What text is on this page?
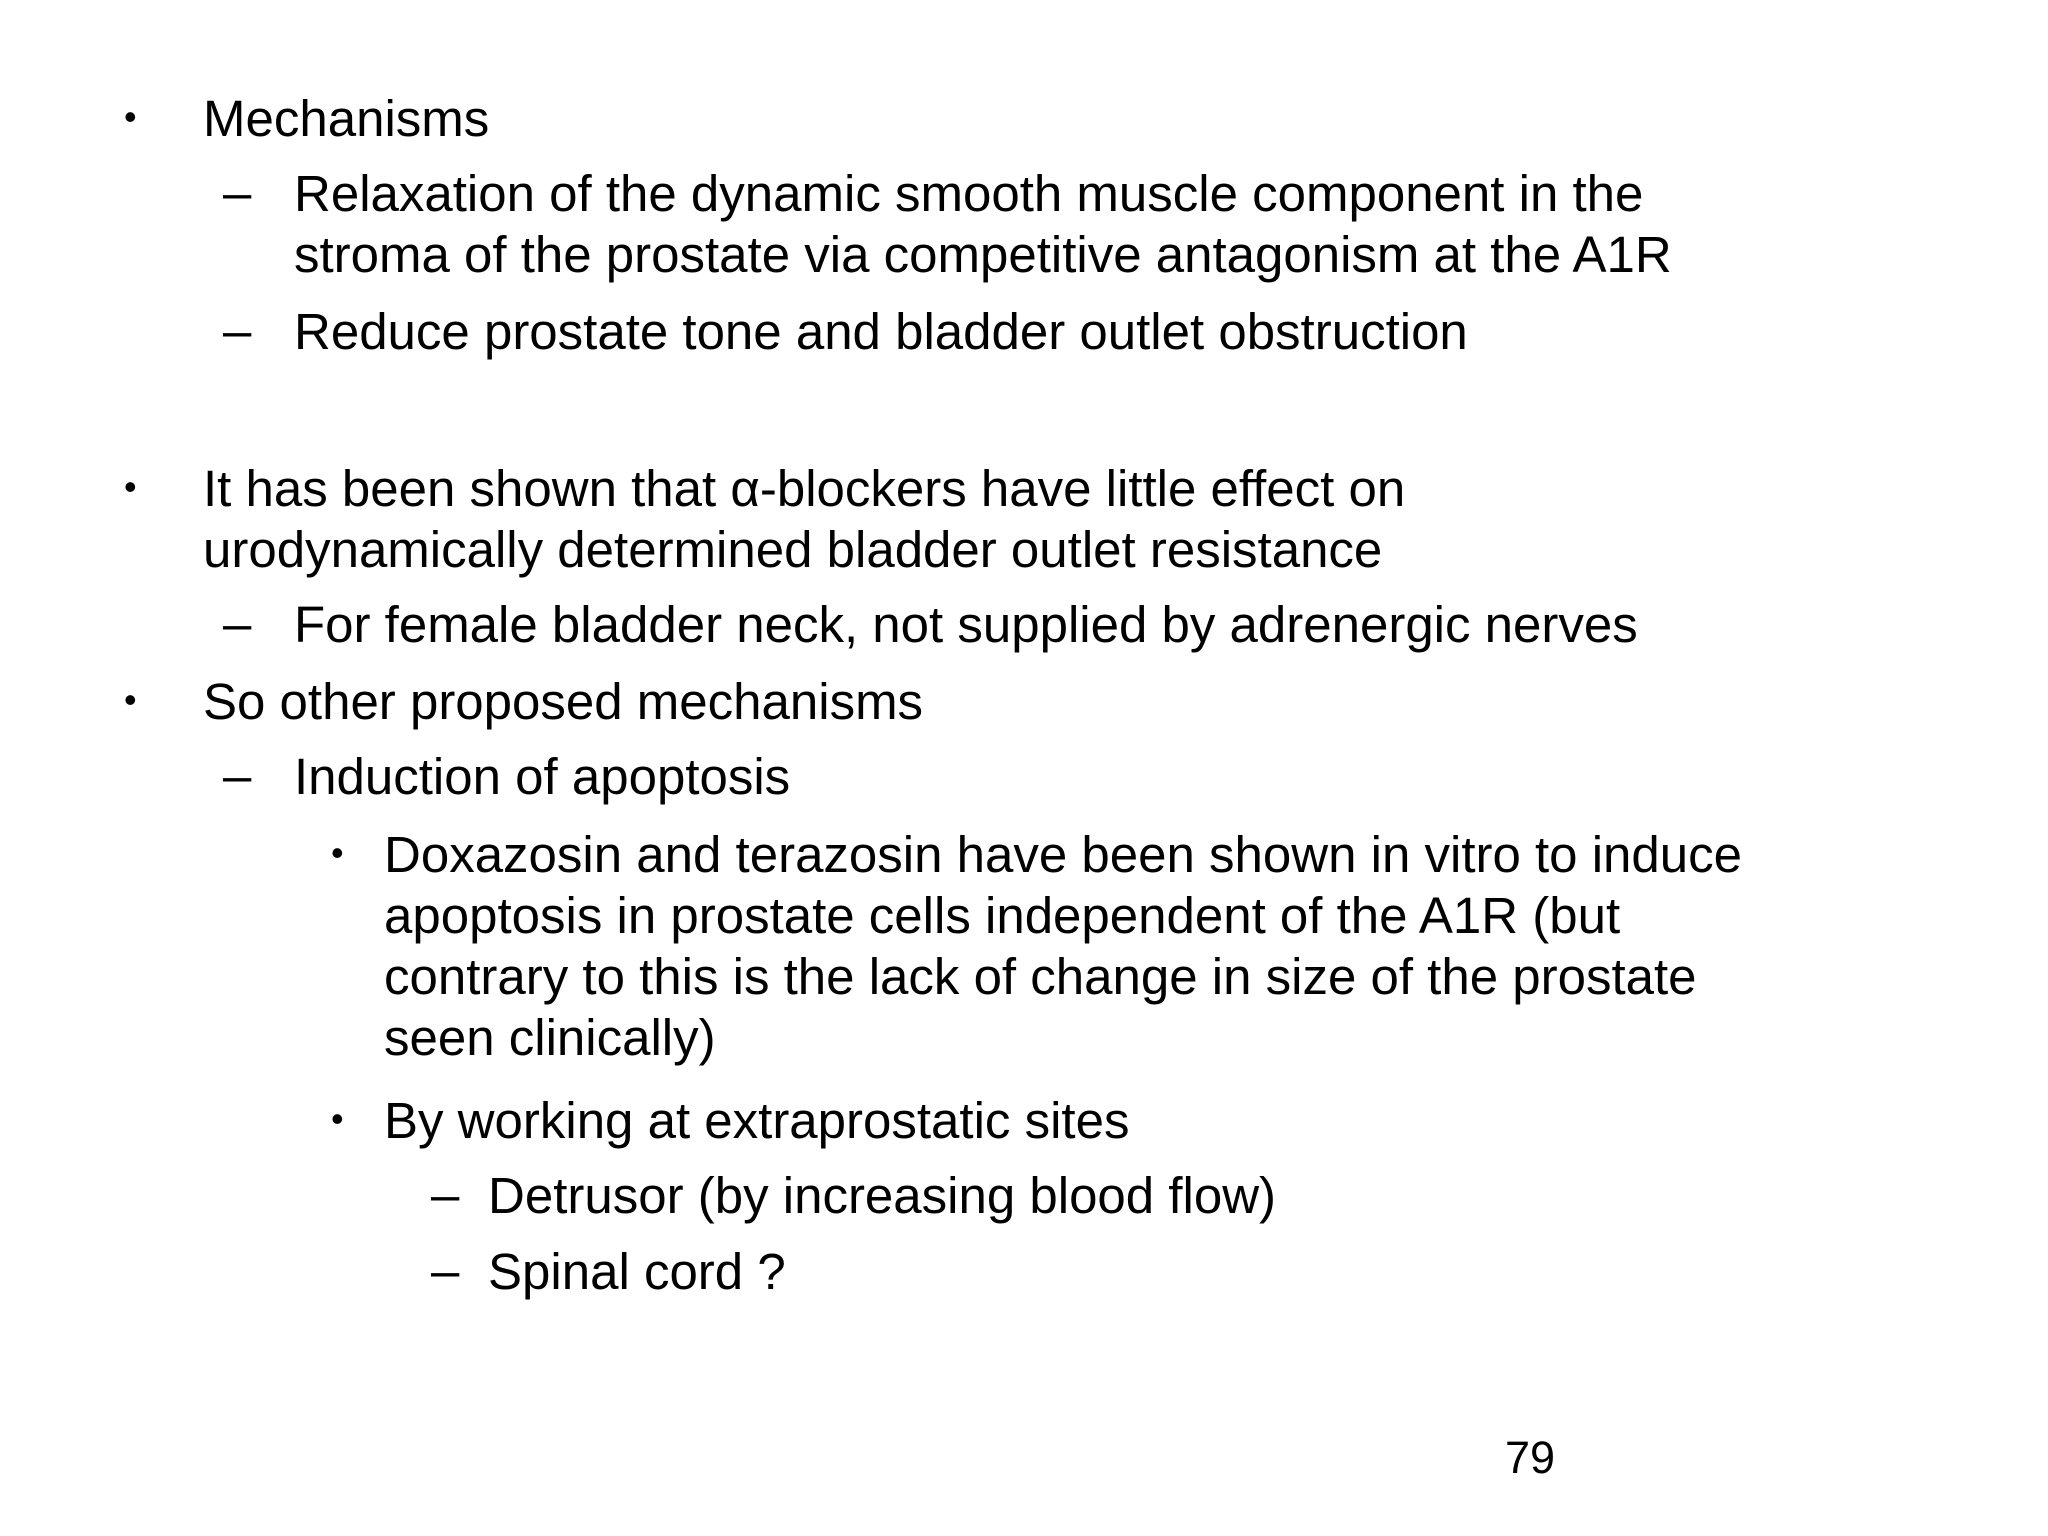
• Mechanisms
– Relaxation of the dynamic smooth muscle component in the
stroma of the prostate via competitive antagonism at the A1R
– Reduce prostate tone and bladder outlet obstruction
• It has been shown that α-blockers have little effect on
urodynamically determined bladder outlet resistance
– For female bladder neck, not supplied by adrenergic nerves
• So other proposed mechanisms
– Induction of apoptosis
• Doxazosin and terazosin have been shown in vitro to induce
apoptosis in prostate cells independent of the A1R (but
contrary to this is the lack of change in size of the prostate
seen clinically)
• By working at extraprostatic sites
– Detrusor (by increasing blood flow)
– Spinal cord ?
79
